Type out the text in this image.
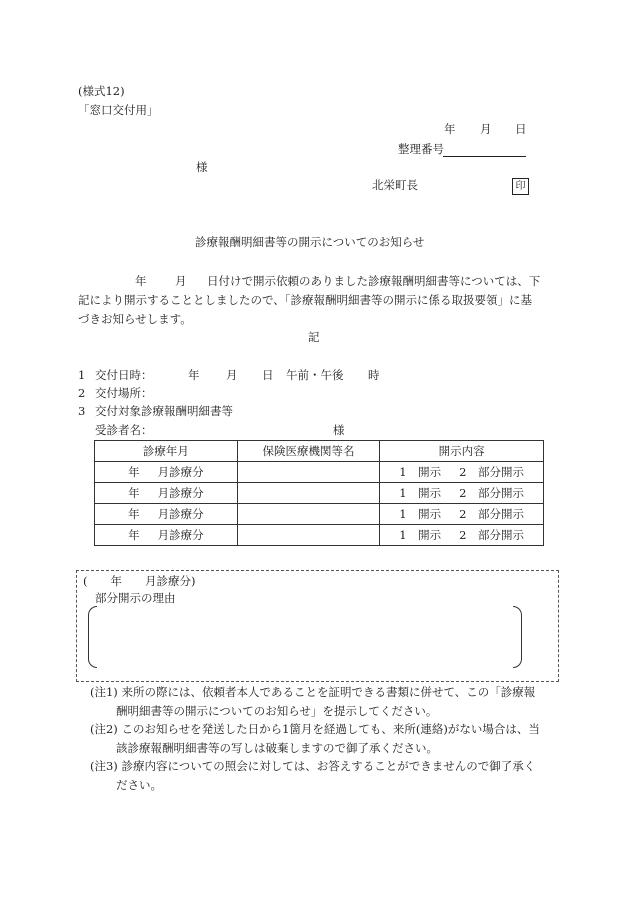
(様式12)
「窓口交付用」
年 月 日
整理番号
様
北栄町長	印
診療報酬明細書等の開示についてのお知らせ
年 月 日付けで開示依頼のありました診療報酬明細書等については、下
記により開示することとしましたので、「診療報酬明細書等の開示に係る取扱要領」に基
づきお知らせします。
記
1 交付日時：	年 月 日 午前・午後 時
2 交付場所：
3 交付対象診療報酬明細書等
受診者名：	様
診療年月	保険医療機関等名	開示内容

年 月診療分		1　開示 2　部分開示

年 月診療分		1　開示 2　部分開示

年 月診療分		1　開示 2　部分開示

年 月診療分		1　開示 2　部分開示
(　　年　　月診療分)
部分開示の理由
(注1) 来所の際には、依頼者本人であることを証明できる書類に併せて、この「診療報
酬明細書等の開示についてのお知らせ」を提示してください。
(注2) このお知らせを発送した日から1箇月を経過しても、来所(連絡)がない場合は、当
該診療報酬明細書等の写しは破棄しますので御了承ください。
(注3) 診療内容についての照会に対しては、お答えすることができませんので御了承く
ださい。
